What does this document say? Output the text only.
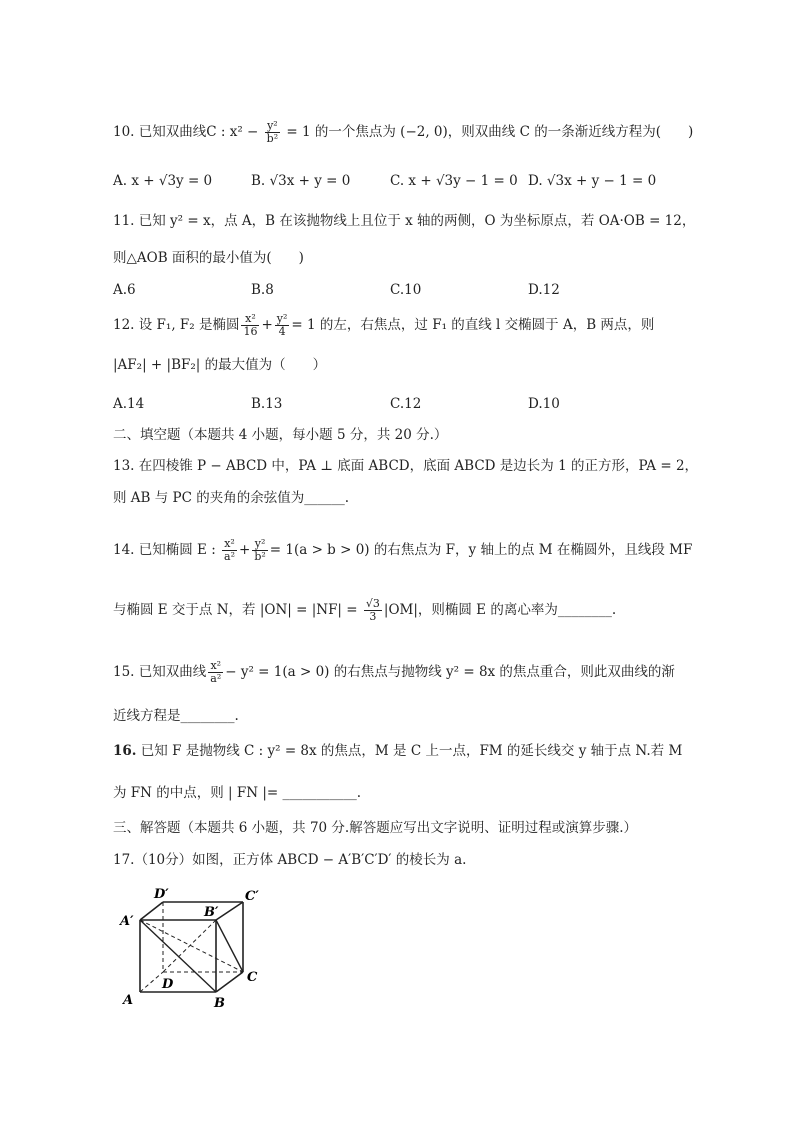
10. 已知双曲线C : $x^2 - \frac{\text{y²}}{\text{b²}} = 1$ 的一个焦点为 (−2, 0)，则双曲线 C 的一条渐近线方程为(　　)
A. x + √3y = 0	B. √3x + y = 0	C. x + √3y − 1 = 0 D. √3x + y − 1 = 0
11. 已知 y² = x，点 A，B 在该抛物线上且位于 x 轴的两侧，O 为坐标原点，若 OA·OB = 12，
则△AOB 面积的最小值为(　　)
A.6	B.8	C.10	D.12
12. 设 F₁, F₂ 是椭圆 $\frac{\text{x²}}{16} + \frac{\text{y²}}{4} = 1$ 的左，右焦点，过 F₁ 的直线 l 交椭圆于 A，B 两点，则
|AF₂| + |BF₂| 的最大值为（　　）
A.14	B.13	C.12	D.10
二、填空题（本题共 4 小题，每小题 5 分，共 20 分.）
13. 在四棱锥 P − ABCD 中，PA ⊥ 底面 ABCD，底面 ABCD 是边长为 1 的正方形，PA = 2，
则 AB 与 PC 的夹角的余弦值为______.
14. 已知椭圆 E : $\frac{\text{x²}}{\text{a²}} + \frac{\text{y²}}{\text{b²}} = 1(a > b > 0)$ 的右焦点为 F，y 轴上的点 M 在椭圆外，且线段 MF
与椭圆 E 交于点 N，若 $|ON| = |NF| = \frac{√3}{3} |OM|$，则椭圆 E 的离心率为________.
15. 已知双曲线 $\frac{\text{x²}}{\text{a²}} - y^2 = 1(a > 0)$ 的右焦点与抛物线 y² = 8x 的焦点重合，则此双曲线的渐
近线方程是________.
16. 已知 F 是抛物线 C : y² = 8x 的焦点，M 是 C 上一点，FM 的延长线交 y 轴于点 N.若 M
为 FN 的中点，则 | FN |= ___________.
三、解答题（本题共 6 小题，共 70 分.解答题应写出文字说明、证明过程或演算步骤.）
17.（10分）如图，正方体 ABCD − A′B′C′D′ 的棱长为 a.
D′	C′
A′
B′
D	C
A	B
